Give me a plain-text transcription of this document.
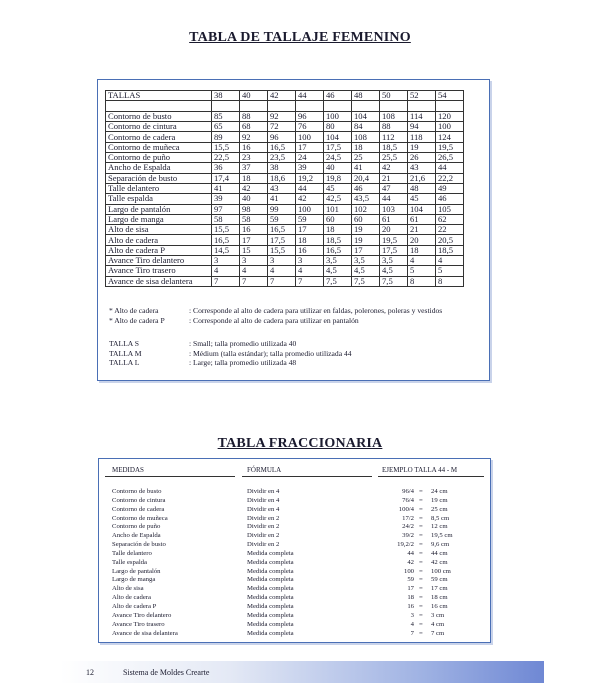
TABLA DE TALLAJE FEMENINO
TALLAS	38	40	42	44	46	48	50	52	54

Contorno de busto	85	88	92	96	100	104	108	114	120
Contorno de cintura	65	68	72	76	80	84	88	94	100
Contorno de cadera	89	92	96	100	104	108	112	118	124
Contorno de muñeca	15,5	16	16,5	17	17,5	18	18,5	19	19,5
Contorno de puño	22,5	23	23,5	24	24,5	25	25,5	26	26,5
Ancho de Espalda	36	37	38	39	40	41	42	43	44
Separación de busto	17,4	18	18,6	19,2	19,8	20,4	21	21,6	22,2
Talle delantero	41	42	43	44	45	46	47	48	49
Talle espalda	39	40	41	42	42,5	43,5	44	45	46
Largo de pantalón	97	98	99	100	101	102	103	104	105
Largo de manga	58	58	59	59	60	60	61	61	62
Alto de sisa	15,5	16	16,5	17	18	19	20	21	22
Alto de cadera	16,5	17	17,5	18	18,5	19	19,5	20	20,5
Alto de cadera P	14,5	15	15,5	16	16,5	17	17,5	18	18,5
Avance Tiro delantero	3	3	3	3	3,5	3,5	3,5	4	4
Avance Tiro trasero	4	4	4	4	4,5	4,5	4,5	5	5
Avance de sisa delantera	7	7	7	7	7,5	7,5	7,5	8	8
* Alto de cadera	: Corresponde al alto de cadera para utilizar en faldas, polerones, poleras y vestidos
* Alto de cadera P	: Corresponde al alto de cadera para utilizar en pantalón
TALLA S	: Small; talla promedio utilizada 40
TALLA M	: Médium (talla estándar); talla promedio utilizada 44
TALLA L	: Large; talla promedio utilizada 48
TABLA FRACCIONARIA
MEDIDAS	FÓRMULA	EJEMPLO TALLA 44 - M
Contorno de busto	Dividir en 4	96/4 = 24 cm
Contorno de cintura	Dividir en 4	76/4 = 19 cm
Contorno de cadera	Dividir en 4	100/4 = 25 cm
Contorno de muñeca	Dividir en 2	17/2 = 8,5 cm
Contorno de puño	Dividir en 2	24/2 = 12 cm
Ancho de Espalda	Dividir en 2	39/2 = 19,5 cm
Separación de busto	Dividir en 2	19,2/2 = 9,6 cm
Talle delantero	Medida completa	44 = 44 cm
Talle espalda	Medida completa	42 = 42 cm
Largo de pantalón	Medida completa	100 = 100 cm
Largo de manga	Medida completa	59 = 59 cm
Alto de sisa	Medida completa	17 = 17 cm
Alto de cadera	Medida completa	18 = 18 cm
Alto de cadera P	Medida completa	16 = 16 cm
Avance Tiro delantero	Medida completa	3 = 3 cm
Avance Tiro trasero	Medida completa	4 = 4 cm
Avance de sisa delantera	Medida completa	7 = 7 cm
12	Sistema de Moldes Crearte
